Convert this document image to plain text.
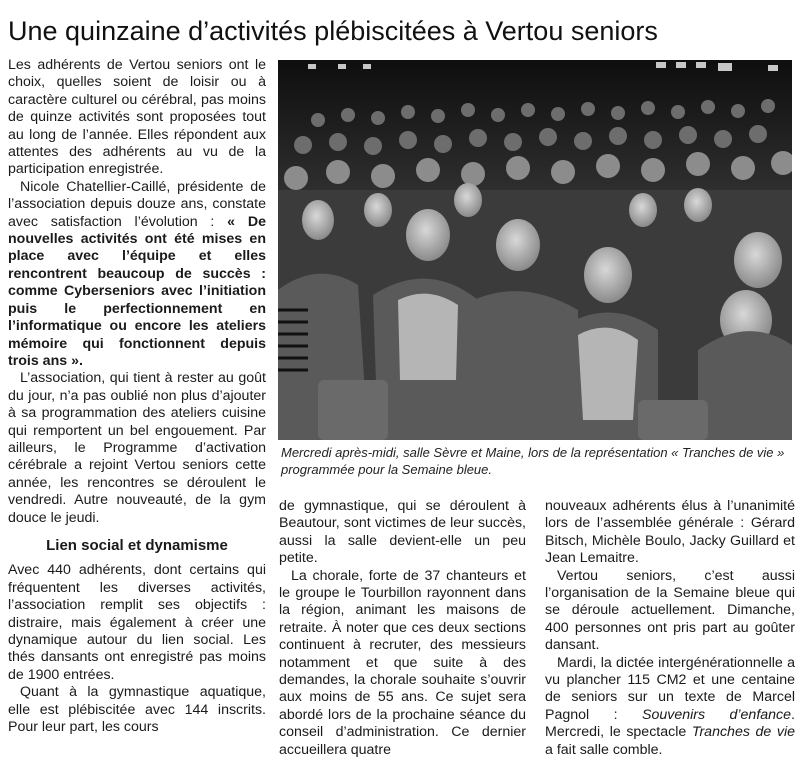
Une quinzaine d’activités plébiscitées à Vertou seniors

Les adhérents de Vertou seniors ont le choix, quelles soient de loisir ou à caractère culturel ou cérébral, pas moins de quinze activités sont proposées tout au long de l’année. Elles répondent aux attentes des adhérents au vu de la participation enregistrée.

Nicole Chatellier-Caillé, présidente de l’association depuis douze ans, constate avec satisfaction l’évolution : « De nouvelles activités ont été mises en place avec l’équipe et elles rencontrent beaucoup de succès : comme Cyberseniors avec l’initiation puis le perfectionnement en l’informatique ou encore les ateliers mémoire qui fonctionnent depuis trois ans ».

L’association, qui tient à rester au goût du jour, n’a pas oublié non plus d’ajouter à sa programmation des ateliers cuisine qui remportent un bel engouement. Par ailleurs, le Programme d’activation cérébrale a rejoint Vertou seniors cette année, les rencontres se déroulent le vendredi. Autre nouveauté, de la gym douce le jeudi.

Lien social et dynamisme

Avec 440 adhérents, dont certains qui fréquentent les diverses activités, l’association remplit ses objectifs : distraire, mais également à créer une dynamique autour du lien social. Les thés dansants ont enregistré pas moins de 1900 entrées.

Quant à la gymnastique aquatique, elle est plébiscitée avec 144 inscrits. Pour leur part, les cours

Mercredi après-midi, salle Sèvre et Maine, lors de la représentation « Tranches de vie » programmée pour la Semaine bleue.

de gymnastique, qui se déroulent à Beautour, sont victimes de leur succès, aussi la salle devient-elle un peu petite.

La chorale, forte de 37 chanteurs et le groupe le Tourbillon rayonnent dans la région, animant les maisons de retraite. À noter que ces deux sections continuent à recruter, des messieurs notamment et que suite à des demandes, la chorale souhaite s’ouvrir aux moins de 55 ans. Ce sujet sera abordé lors de la prochaine séance du conseil d’administration. Ce dernier accueillera quatre

nouveaux adhérents élus à l’unanimité lors de l’assemblée générale : Gérard Bitsch, Michèle Boulo, Jacky Guillard et Jean Lemaitre.

Vertou seniors, c’est aussi l’organisation de la Semaine bleue qui se déroule actuellement. Dimanche, 400 personnes ont pris part au goûter dansant.

Mardi, la dictée intergénérationnelle a vu plancher 115 CM2 et une centaine de seniors sur un texte de Marcel Pagnol : Souvenirs d’enfance. Mercredi, le spectacle Tranches de vie a fait salle comble.
